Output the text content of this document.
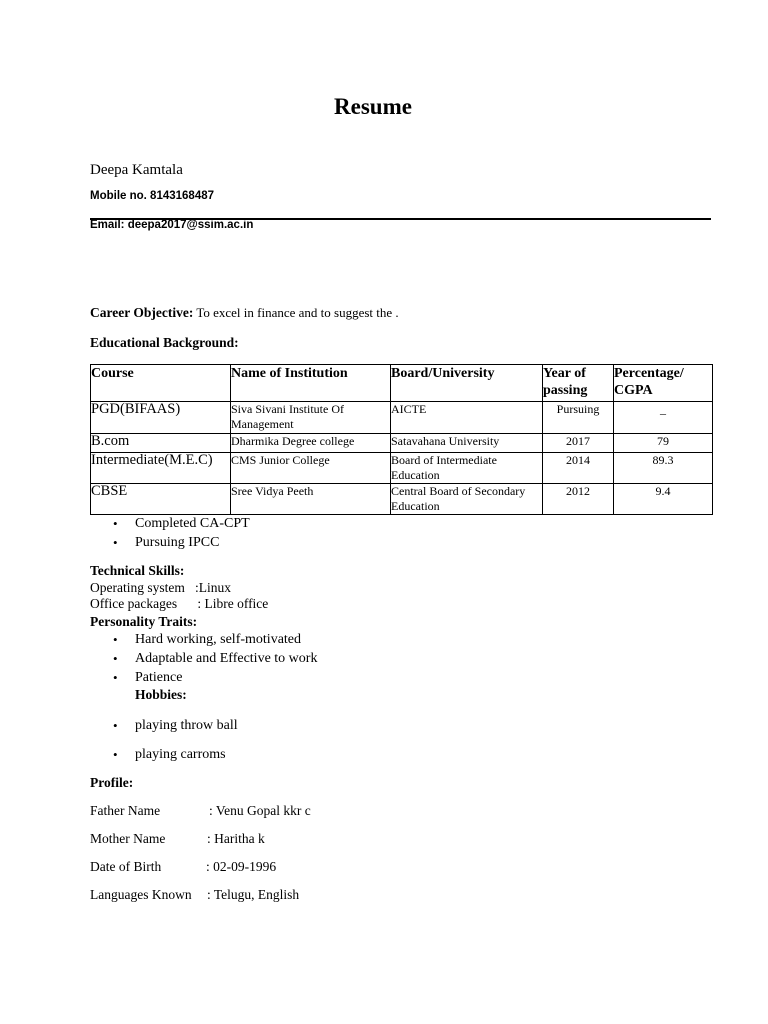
Resume
Deepa Kamtala
Mobile no. 8143168487
Email: deepa2017@ssim.ac.in
Career Objective: To excel in finance and to suggest the .
Educational Background:
Course	Name of Institution	Board/University	Year of passing	Percentage/ CGPA
PGD(BIFAAS)	Siva Sivani Institute Of Management	AICTE	Pursuing	_
B.com	Dharmika Degree college	Satavahana University	2017	79
Intermediate(M.E.C)	CMS Junior College	Board of Intermediate Education	2014	89.3
CBSE	Sree Vidya Peeth	Central Board of Secondary Education	2012	9.4
• Completed CA-CPT
• Pursuing IPCC
Technical Skills:
Operating system   :Linux
Office packages      : Libre office
Personality Traits:
• Hard working, self-motivated
• Adaptable and Effective to work
• Patience
Hobbies:
• playing throw ball
• playing carroms
Profile:
Father Name	: Venu Gopal kkr c
Mother Name	: Haritha k
Date of Birth	: 02-09-1996
Languages Known : Telugu, English
